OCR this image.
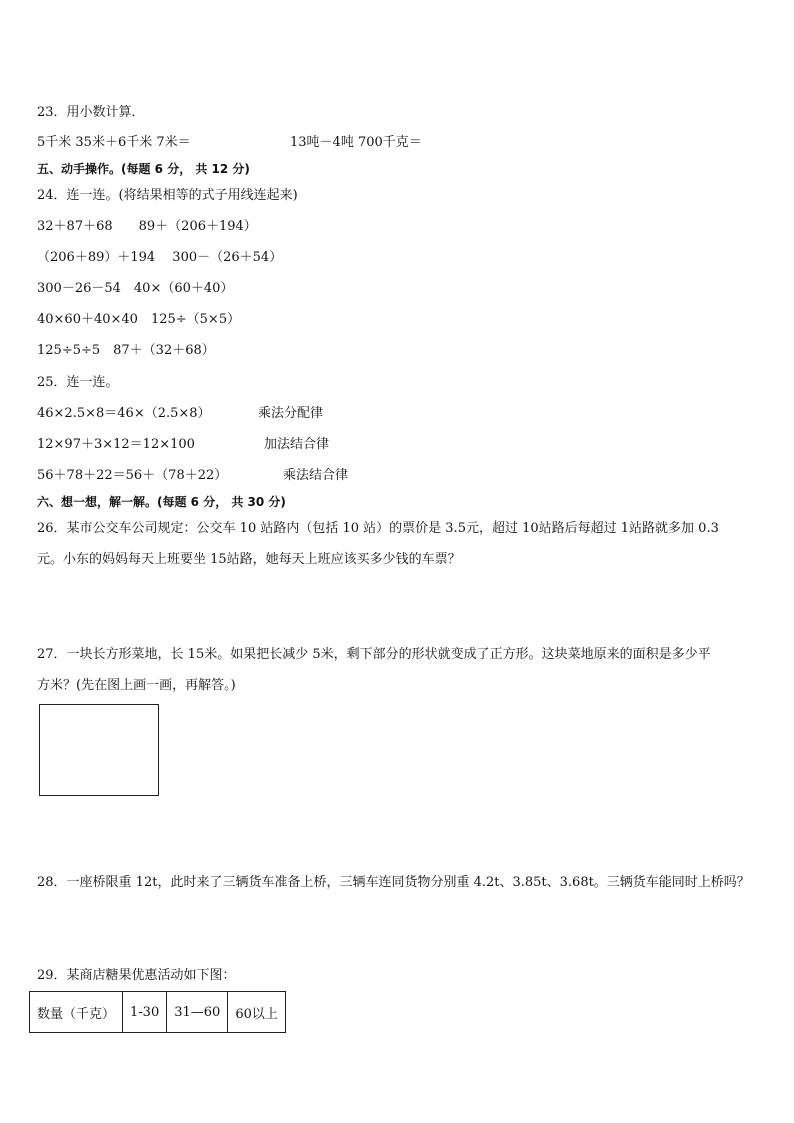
23．用小数计算．
5千米 35米＋6千米 7米＝	13吨－4吨 700千克＝
五、动手操作。(每题 6 分， 共 12 分)
24．连一连。(将结果相等的式子用线连起来)
32＋87＋68　　89＋（206＋194）
（206＋89）＋194　 300－（26＋54）
300－26－54　40×（60＋40）
40×60＋40×40　125÷（5×5）
125÷5÷5　87＋（32＋68）
25．连一连。
46×2.5×8＝46×（2.5×8）	乘法分配律
12×97＋3×12＝12×100	加法结合律
56＋78＋22＝56＋（78＋22）	乘法结合律
六、想一想，解一解。(每题 6 分， 共 30 分)
26．某市公交车公司规定：公交车 10 站路内（包括 10 站）的票价是 3.5元，超过 10站路后每超过 1站路就多加 0.3
元。小东的妈妈每天上班要坐 15站路，她每天上班应该买多少钱的车票？
27．一块长方形菜地，长 15米。如果把长减少 5米，剩下部分的形状就变成了正方形。这块菜地原来的面积是多少平
方米？(先在图上画一画，再解答。)
28．一座桥限重 12t，此时来了三辆货车准备上桥，三辆车连同货物分别重 4.2t、3.85t、3.68t。三辆货车能同时上桥吗？
29．某商店糖果优惠活动如下图：
数量（千克）	1-30	31—60	60以上
